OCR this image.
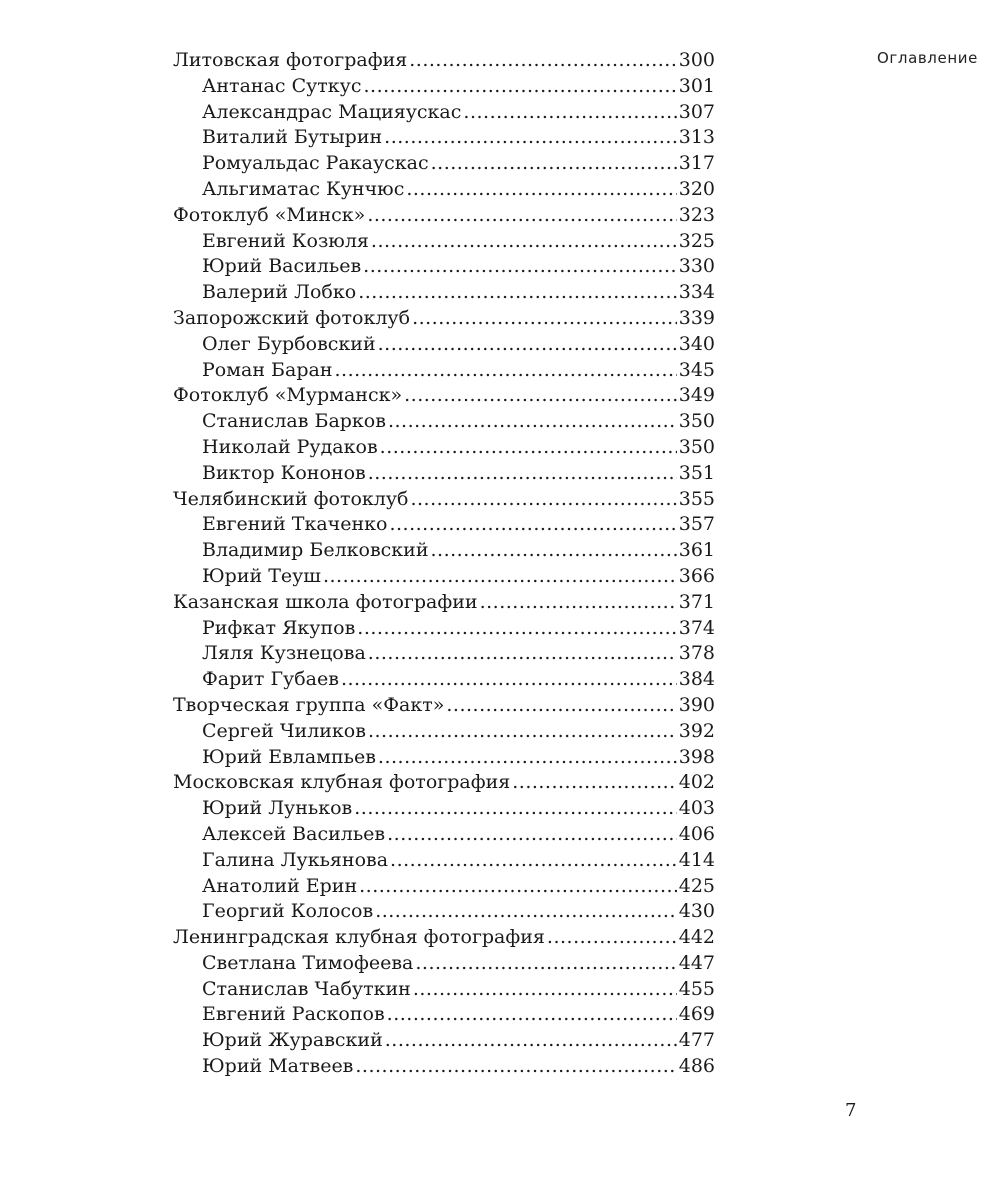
Оглавление
Литовская фотография .....	300
Антанас Суткус .....	301
Александрас Мацияускас .....	307
Виталий Бутырин .....	313
Ромуальдас Ракаускас .....	317
Альгиматас Кунчюс .....	320
Фотоклуб «Минск» .....	323
Евгений Козюля .....	325
Юрий Васильев .....	330
Валерий Лобко .....	334
Запорожский фотоклуб .....	339
Олег Бурбовский .....	340
Роман Баран .....	345
Фотоклуб «Мурманск» .....	349
Станислав Барков .....	350
Николай Рудаков .....	350
Виктор Кононов .....	351
Челябинский фотоклуб .....	355
Евгений Ткаченко .....	357
Владимир Белковский .....	361
Юрий Теуш .....	366
Казанская школа фотографии .....	371
Рифкат Якупов .....	374
Ляля Кузнецова .....	378
Фарит Губаев .....	384
Творческая группа «Факт» .....	390
Сергей Чиликов .....	392
Юрий Евлампьев .....	398
Московская клубная фотография .....	402
Юрий Луньков .....	403
Алексей Васильев .....	406
Галина Лукьянова .....	414
Анатолий Ерин .....	425
Георгий Колосов .....	430
Ленинградская клубная фотография .....	442
Светлана Тимофеева .....	447
Станислав Чабуткин .....	455
Евгений Раскопов .....	469
Юрий Журавский .....	477
Юрий Матвеев .....	486
7
